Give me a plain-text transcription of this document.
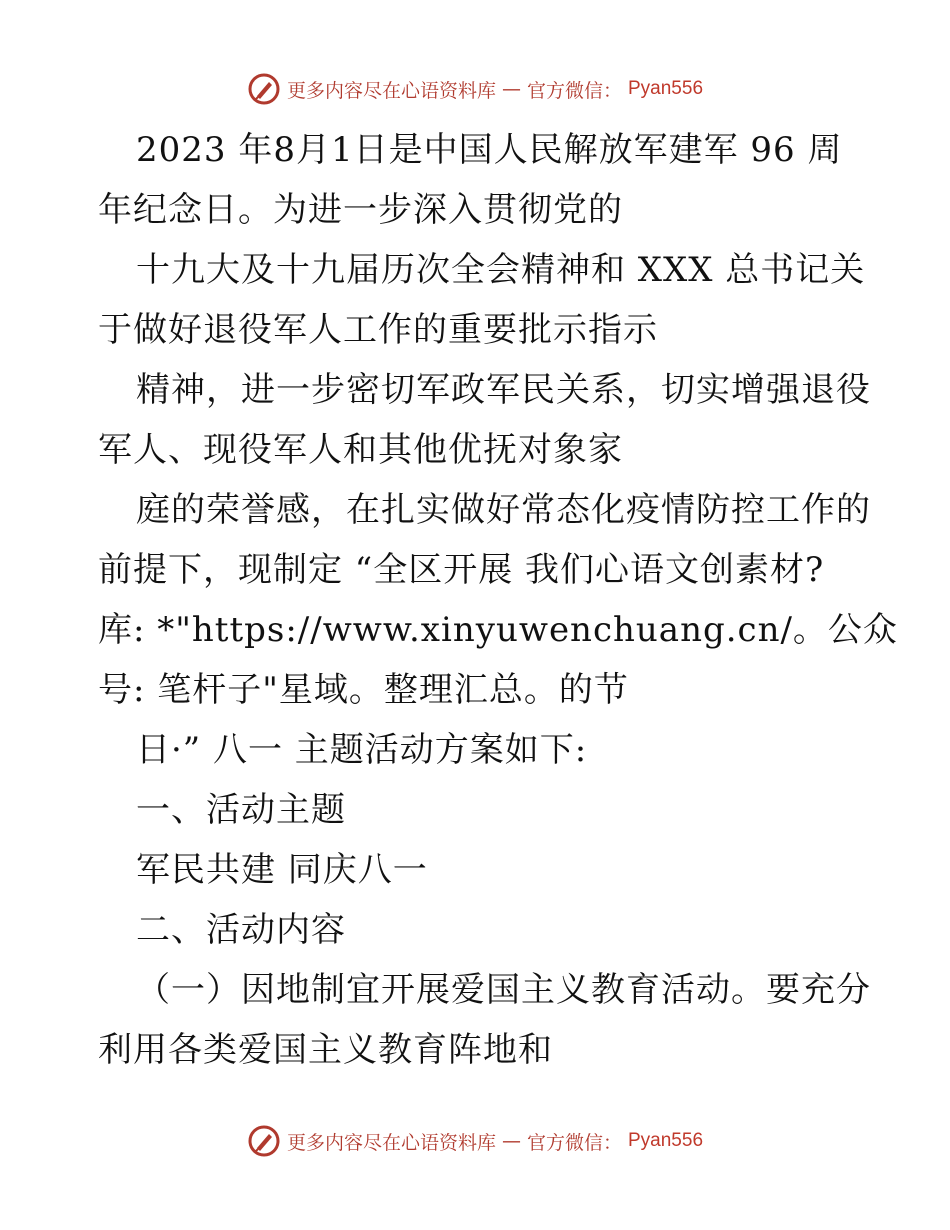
更多内容尽在心语资料库 — 官方微信： Pyan556
2023 年8月1日是中国人民解放军建军 96 周
年纪念日。为进一步深入贯彻党的
十九大及十九届历次全会精神和 XXX 总书记关
于做好退役军人工作的重要批示指示
精神，进一步密切军政军民关系，切实增强退役
军人、现役军人和其他优抚对象家
庭的荣誉感，在扎实做好常态化疫情防控工作的
前提下，现制定 “全区开展 我们心语文创素材?
库: *"https://www.xinyuwenchuang.cn/。公众
号: 笔杆子"星域。整理汇总。的节
日·” 八一 主题活动方案如下:
一、活动主题
军民共建 同庆八一
二、活动内容
（一）因地制宜开展爱国主义教育活动。要充分
利用各类爱国主义教育阵地和
更多内容尽在心语资料库 — 官方微信： Pyan556
